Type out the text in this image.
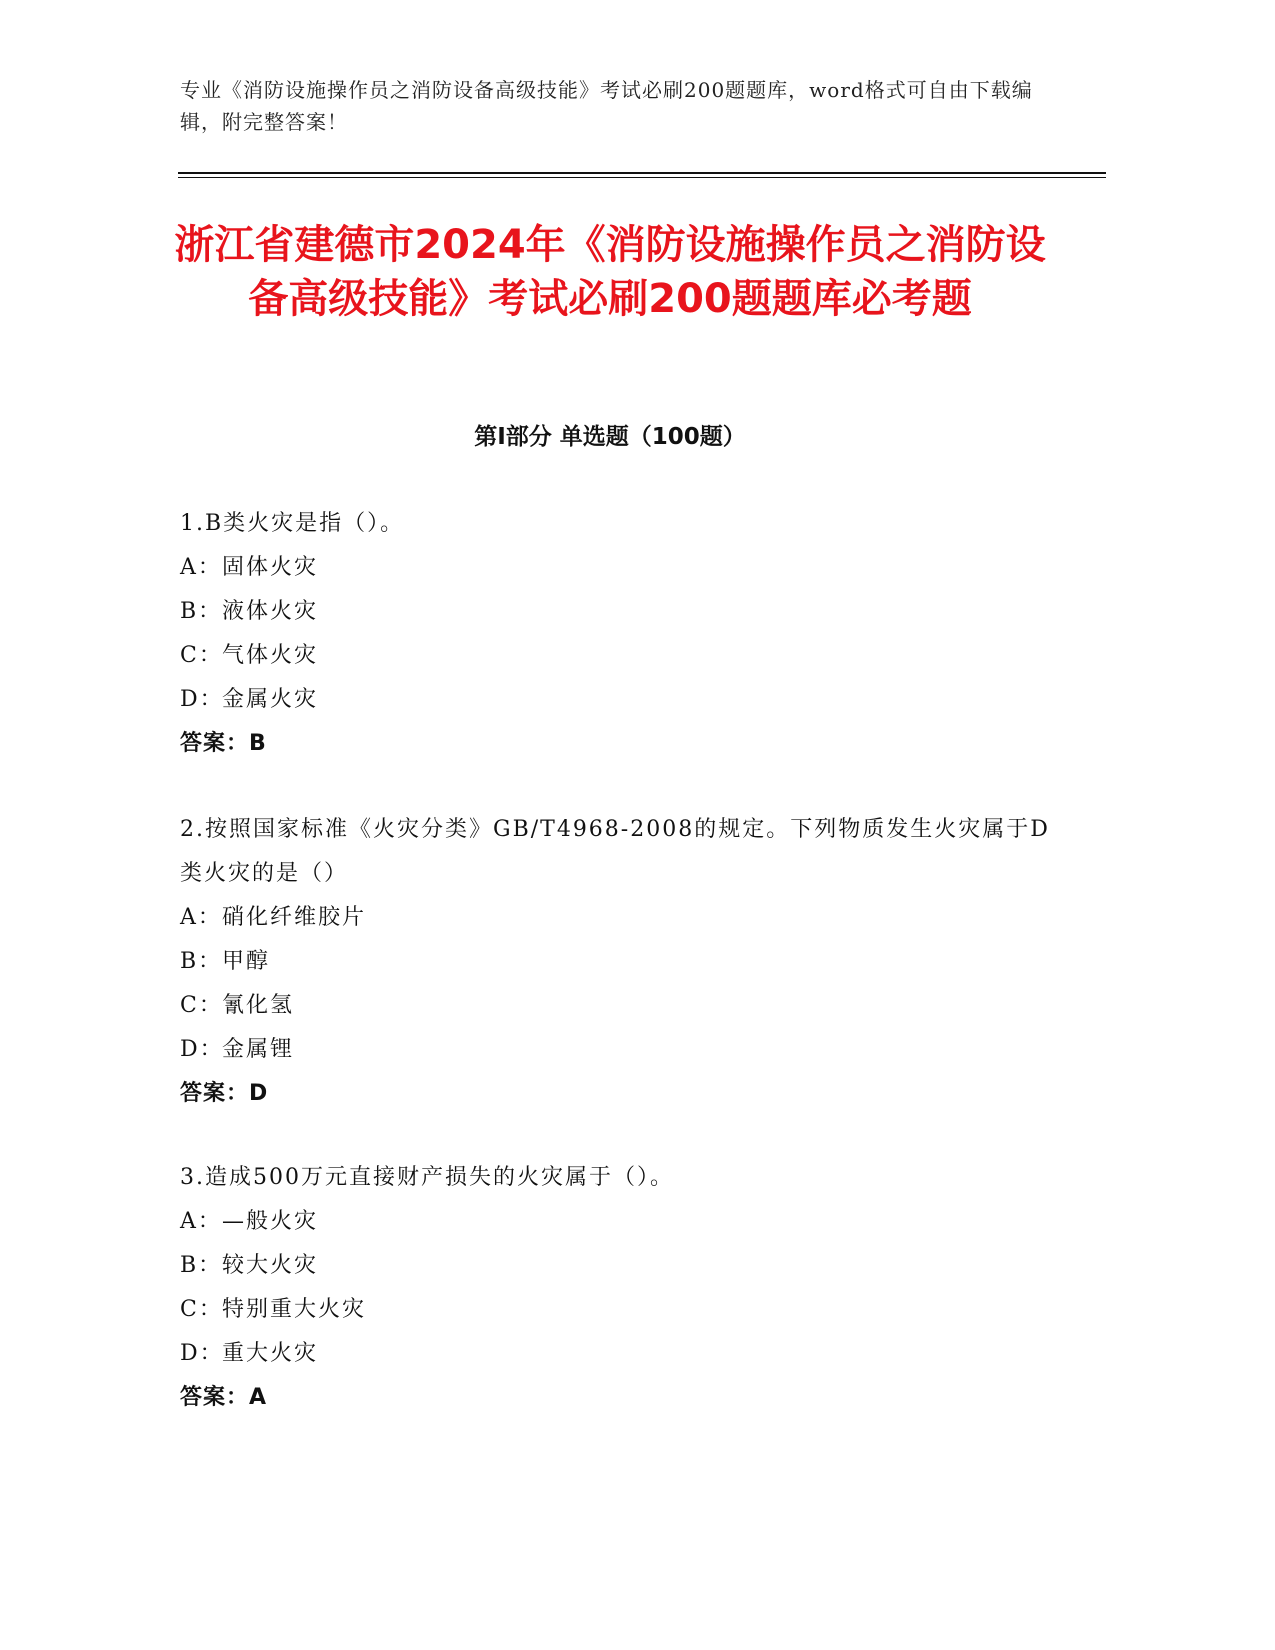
专业《消防设施操作员之消防设备高级技能》考试必刷200题题库，word格式可自由下载编辑，附完整答案！
浙江省建德市2024年《消防设施操作员之消防设备高级技能》考试必刷200题题库必考题
第Ⅰ部分 单选题（100题）
1.B类火灾是指（）。
A：固体火灾
B：液体火灾
C：气体火灾
D：金属火灾
答案：B
2.按照国家标准《火灾分类》GB/T4968-2008的规定。下列物质发生火灾属于D类火灾的是（）
A：硝化纤维胶片
B：甲醇
C：氰化氢
D：金属锂
答案：D
3.造成500万元直接财产损失的火灾属于（）。
A：—般火灾
B：较大火灾
C：特别重大火灾
D：重大火灾
答案：A
